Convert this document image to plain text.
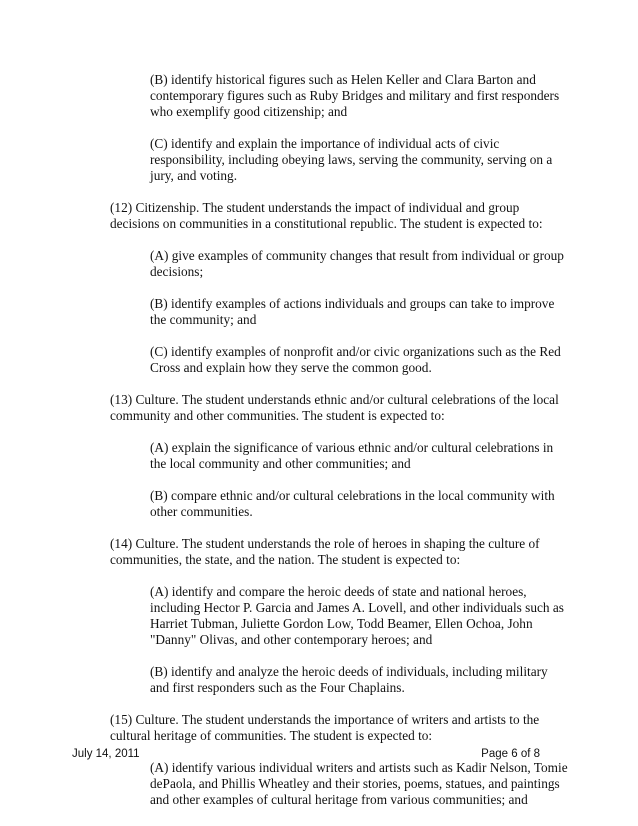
(B) identify historical figures such as Helen Keller and Clara Barton and contemporary figures such as Ruby Bridges and military and first responders who exemplify good citizenship; and

(C) identify and explain the importance of individual acts of civic responsibility, including obeying laws, serving the community, serving on a jury, and voting.

(12) Citizenship. The student understands the impact of individual and group decisions on communities in a constitutional republic. The student is expected to:

(A) give examples of community changes that result from individual or group decisions;

(B) identify examples of actions individuals and groups can take to improve the community; and

(C) identify examples of nonprofit and/or civic organizations such as the Red Cross and explain how they serve the common good.

(13) Culture. The student understands ethnic and/or cultural celebrations of the local community and other communities. The student is expected to:

(A) explain the significance of various ethnic and/or cultural celebrations in the local community and other communities; and

(B) compare ethnic and/or cultural celebrations in the local community with other communities.

(14) Culture. The student understands the role of heroes in shaping the culture of communities, the state, and the nation. The student is expected to:

(A) identify and compare the heroic deeds of state and national heroes, including Hector P. Garcia and James A. Lovell, and other individuals such as Harriet Tubman, Juliette Gordon Low, Todd Beamer, Ellen Ochoa, John "Danny" Olivas, and other contemporary heroes; and

(B) identify and analyze the heroic deeds of individuals, including military and first responders such as the Four Chaplains.

(15) Culture. The student understands the importance of writers and artists to the cultural heritage of communities. The student is expected to:

(A) identify various individual writers and artists such as Kadir Nelson, Tomie dePaola, and Phillis Wheatley and their stories, poems, statues, and paintings and other examples of cultural heritage from various communities; and

July 14, 2011	Page 6 of 8
